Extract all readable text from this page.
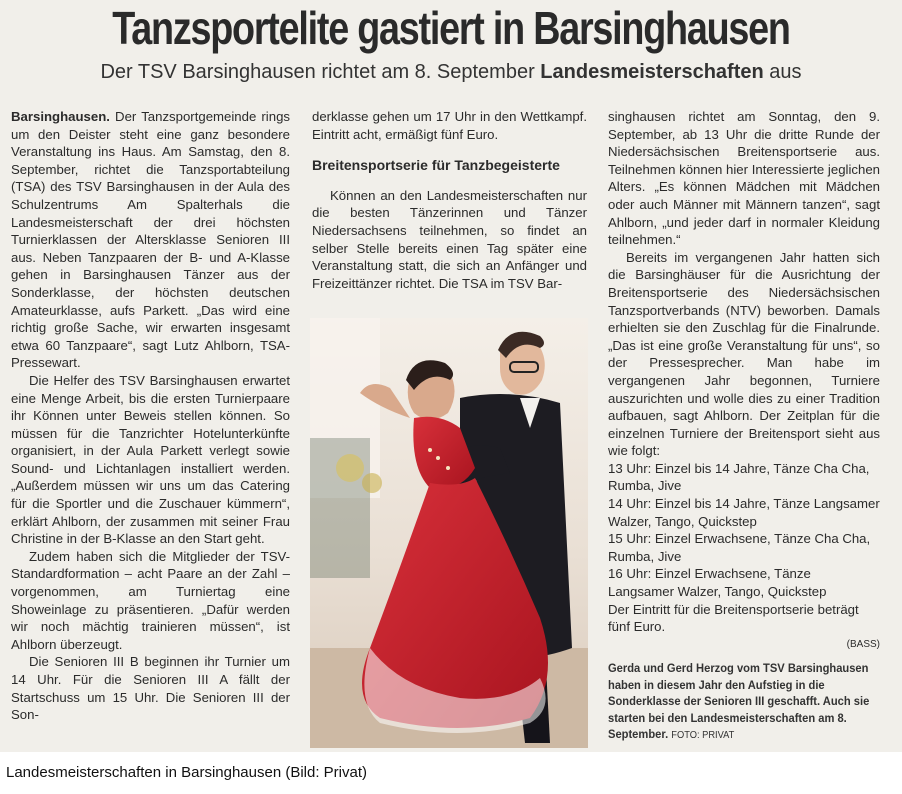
Tanzsportelite gastiert in Barsinghausen
Der TSV Barsinghausen richtet am 8. September Landesmeisterschaften aus

Barsinghausen. Der Tanzsportgemeinde rings um den Deister steht eine ganz besondere Veranstaltung ins Haus. Am Samstag, den 8. September, richtet die Tanzsportabteilung (TSA) des TSV Barsinghausen in der Aula des Schulzentrums Am Spalterhals die Landesmeisterschaft der drei höchsten Turnierklassen der Altersklasse Senioren III aus. Neben Tanzpaaren der B- und A-Klasse gehen in Barsinghausen Tänzer aus der Sonderklasse, der höchsten deutschen Amateurklasse, aufs Parkett. „Das wird eine richtig große Sache, wir erwarten insgesamt etwa 60 Tanzpaare“, sagt Lutz Ahlborn, TSA-Pressewart.

Die Helfer des TSV Barsinghausen erwartet eine Menge Arbeit, bis die ersten Turnierpaare ihr Können unter Beweis stellen können. So müssen für die Tanzrichter Hotelunterkünfte organisiert, in der Aula Parkett verlegt sowie Sound- und Lichtanlagen installiert werden. „Außerdem müssen wir uns um das Catering für die Sportler und die Zuschauer kümmern“, erklärt Ahlborn, der zusammen mit seiner Frau Christine in der B-Klasse an den Start geht.

Zudem haben sich die Mitglieder der TSV-Standardformation – acht Paare an der Zahl – vorgenommen, am Turniertag eine Showeinlage zu präsentieren. „Dafür werden wir noch mächtig trainieren müssen“, ist Ahlborn überzeugt.

Die Senioren III B beginnen ihr Turnier um 14 Uhr. Für die Senioren III A fällt der Startschuss um 15 Uhr. Die Senioren III der Son-

derklasse gehen um 17 Uhr in den Wettkampf. Eintritt acht, ermäßigt fünf Euro.

Breitensportserie für Tanzbegeisterte

Können an den Landesmeisterschaften nur die besten Tänzerinnen und Tänzer Niedersachsens teilnehmen, so findet an selber Stelle bereits einen Tag später eine Veranstaltung statt, die sich an Anfänger und Freizeittänzer richtet. Die TSA im TSV Bar-

singhausen richtet am Sonntag, den 9. September, ab 13 Uhr die dritte Runde der Niedersächsischen Breitensportserie aus. Teilnehmen können hier Interessierte jeglichen Alters. „Es können Mädchen mit Mädchen oder auch Männer mit Männern tanzen“, sagt Ahlborn, „und jeder darf in normaler Kleidung teilnehmen.“

Bereits im vergangenen Jahr hatten sich die Barsinghäuser für die Ausrichtung der Breitensportserie des Niedersächsischen Tanzsportverbands (NTV) beworben. Damals erhielten sie den Zuschlag für die Finalrunde. „Das ist eine große Veranstaltung für uns“, so der Pressesprecher. Man habe im vergangenen Jahr begonnen, Turniere auszurichten und wolle dies zu einer Tradition aufbauen, sagt Ahlborn. Der Zeitplan für die einzelnen Turniere der Breitensport sieht aus wie folgt:

13 Uhr: Einzel bis 14 Jahre, Tänze Cha Cha, Rumba, Jive

14 Uhr: Einzel bis 14 Jahre, Tänze Langsamer Walzer, Tango, Quickstep

15 Uhr: Einzel Erwachsene, Tänze Cha Cha, Rumba, Jive

16 Uhr: Einzel Erwachsene, Tänze Langsamer Walzer, Tango, Quickstep

Der Eintritt für die Breitensportserie beträgt fünf Euro.

(BASS)
Gerda und Gerd Herzog vom TSV Barsinghausen haben in diesem Jahr den Aufstieg in die Sonderklasse der Senioren III geschafft. Auch sie starten bei den Landesmeisterschaften am 8. September. FOTO: PRIVAT
Landesmeisterschaften in Barsinghausen (Bild: Privat)
